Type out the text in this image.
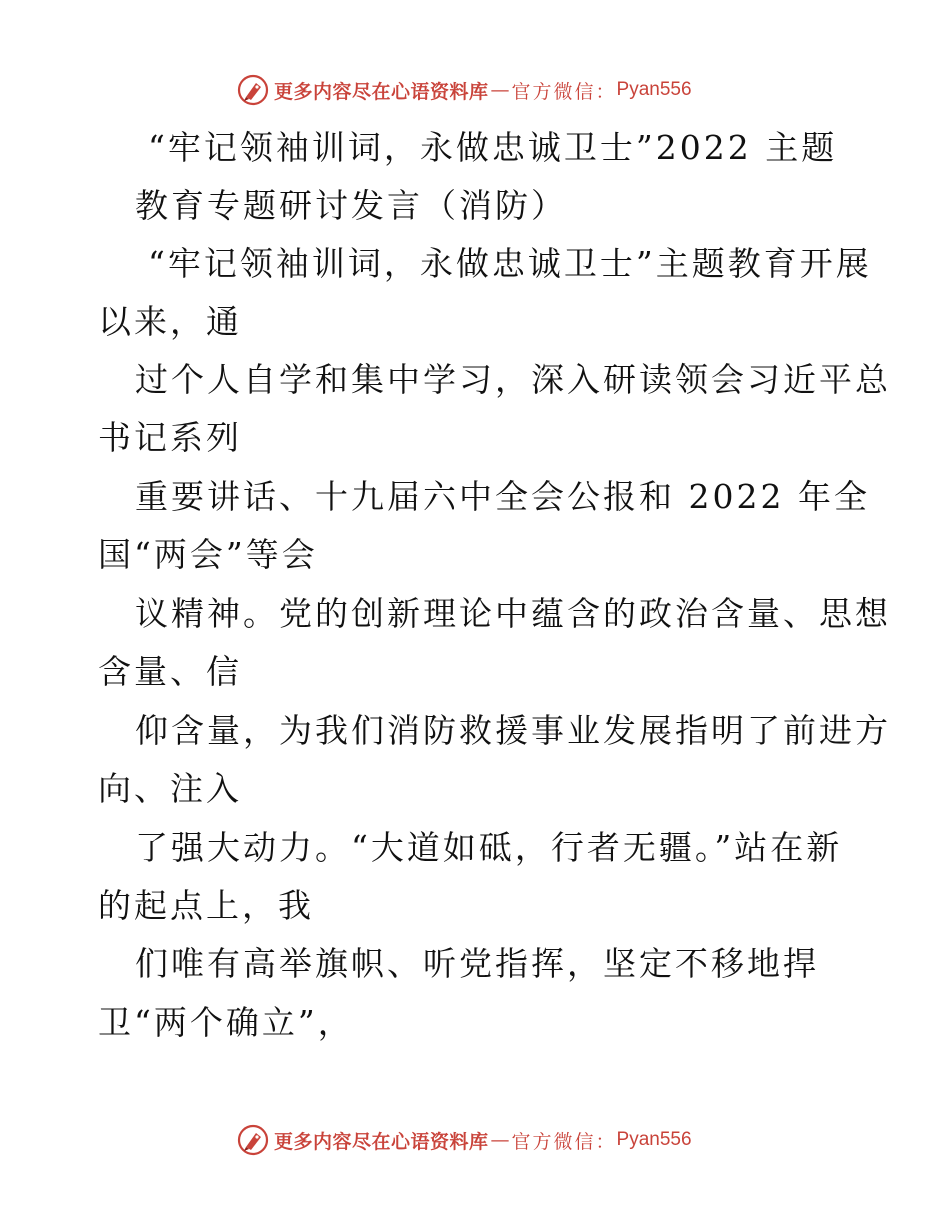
更多内容尽在心语资料库 — 官方微信： Pyan556
“牢记领袖训词，永做忠诚卫士”2022 主题
教育专题研讨发言（消防）
“牢记领袖训词，永做忠诚卫士”主题教育开展
以来，通
过个人自学和集中学习，深入研读领会习近平总
书记系列
重要讲话、十九届六中全会公报和 2022 年全
国“两会”等会
议精神。党的创新理论中蕴含的政治含量、思想
含量、信
仰含量，为我们消防救援事业发展指明了前进方
向、注入
了强大动力。“大道如砥，行者无疆。”站在新
的起点上，我
们唯有高举旗帜、听党指挥，坚定不移地捍
卫“两个确立”，
更多内容尽在心语资料库 — 官方微信： Pyan556
